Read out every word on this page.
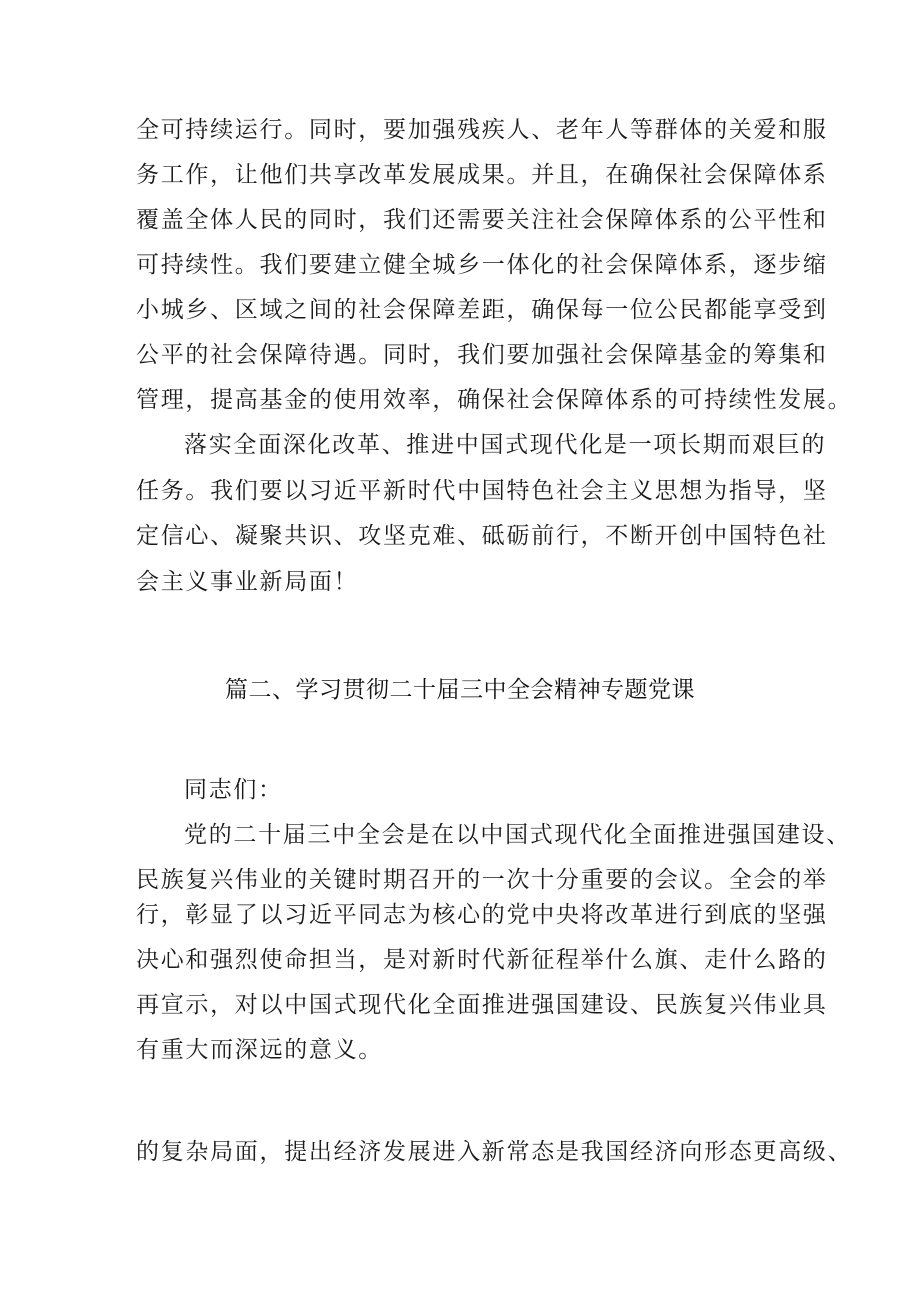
全可持续运行。同时，要加强残疾人、老年人等群体的关爱和服
务工作，让他们共享改革发展成果。并且，在确保社会保障体系
覆盖全体人民的同时，我们还需要关注社会保障体系的公平性和
可持续性。我们要建立健全城乡一体化的社会保障体系，逐步缩
小城乡、区域之间的社会保障差距，确保每一位公民都能享受到
公平的社会保障待遇。同时，我们要加强社会保障基金的筹集和
管理，提高基金的使用效率，确保社会保障体系的可持续性发展。
落实全面深化改革、推进中国式现代化是一项长期而艰巨的
任务。我们要以习近平新时代中国特色社会主义思想为指导，坚
定信心、凝聚共识、攻坚克难、砥砺前行，不断开创中国特色社
会主义事业新局面！
篇二、学习贯彻二十届三中全会精神专题党课
同志们：
党的二十届三中全会是在以中国式现代化全面推进强国建设、
民族复兴伟业的关键时期召开的一次十分重要的会议。全会的举
行，彰显了以习近平同志为核心的党中央将改革进行到底的坚强
决心和强烈使命担当，是对新时代新征程举什么旗、走什么路的
再宣示，对以中国式现代化全面推进强国建设、民族复兴伟业具
有重大而深远的意义。
的复杂局面，提出经济发展进入新常态是我国经济向形态更高级、
